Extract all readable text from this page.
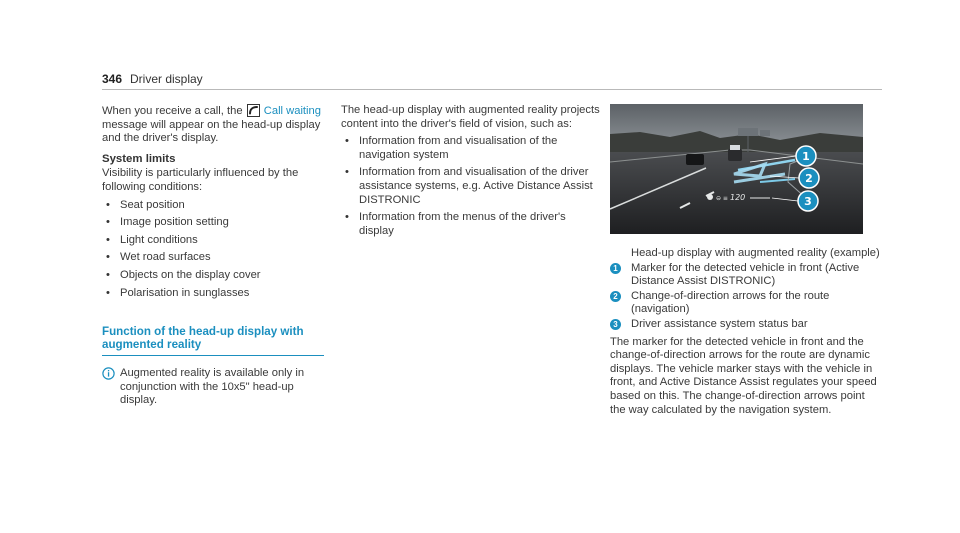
346 Driver display

When you receive a call, the  Call waiting message will appear on the head-up display and the driver's display.

System limits

Visibility is particularly influenced by the following conditions:

• Seat position
• Image position setting
• Light conditions
• Wet road surfaces
• Objects on the display cover
• Polarisation in sunglasses

Function of the head-up display with augmented reality

Augmented reality is available only in conjunction with the 10x5" head-up display.

The head-up display with augmented reality projects content into the driver's field of vision, such as:

• Information from and visualisation of the navigation system
• Information from and visualisation of the driver assistance systems, e.g. Active Distance Assist DISTRONIC
• Information from the menus of the driver's display
⊖ ≡ 120
1
2
3

Head-up display with augmented reality (example)

1 Marker for the detected vehicle in front (Active Distance Assist DISTRONIC)
2 Change-of-direction arrows for the route (navigation)
3 Driver assistance system status bar

The marker for the detected vehicle in front and the change-of-direction arrows for the route are dynamic displays. The vehicle marker stays with the vehicle in front, and Active Distance Assist regulates your speed based on this. The change-of-direction arrows point the way calculated by the navigation system.
